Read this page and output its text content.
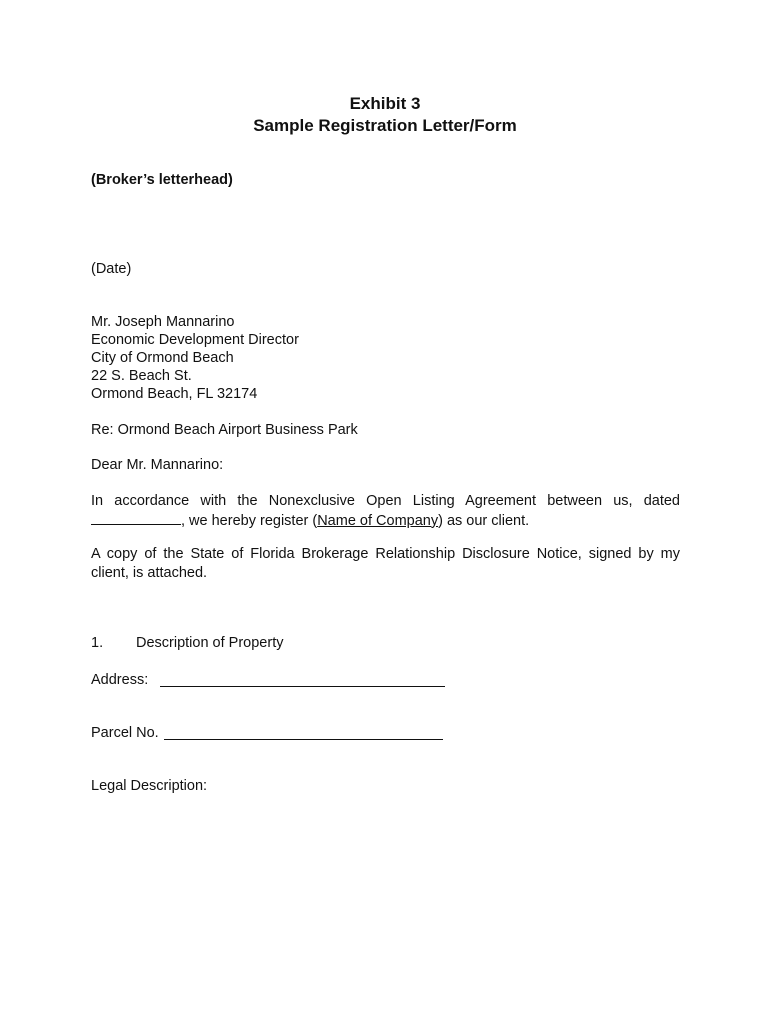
Exhibit 3
Sample Registration Letter/Form
(Broker’s letterhead)
(Date)
Mr. Joseph Mannarino
Economic Development Director
City of Ormond Beach
22 S. Beach St.
Ormond Beach, FL 32174
Re: Ormond Beach Airport Business Park
Dear Mr. Mannarino:
In accordance with the Nonexclusive Open Listing Agreement between us, dated
, we hereby register (Name of Company) as our client.
A copy of the State of Florida Brokerage Relationship Disclosure Notice, signed by my
client, is attached.
1. Description of Property
Address:
Parcel No.
Legal Description:
